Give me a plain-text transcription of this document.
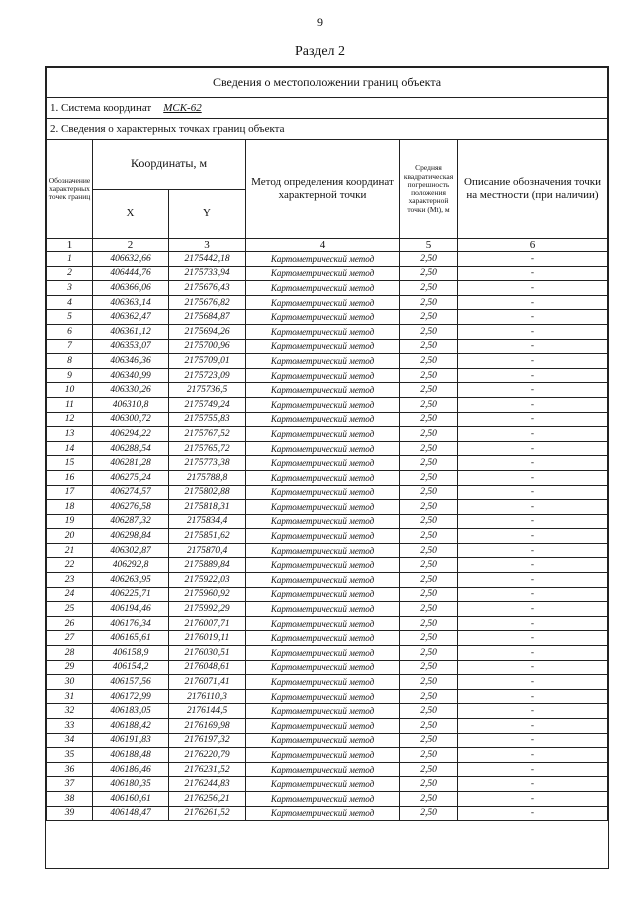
9
Раздел 2
Сведения о местоположении границ объекта					
1. Система координат МСК-62					
2. Сведения о характерных точках границ объекта					
Обозначение характерных точек границ	Координаты, м		Метод определения координат характерной точки	Средняя квадратическая погрешность положения характерной точки (Mt), м	Описание обозначения точки на местности (при наличии)
	X	Y			
1	2	3	4	5	6
1	406632,66	2175442,18	Картометрический метод	2,50	-
2	406444,76	2175733,94	Картометрический метод	2,50	-
3	406366,06	2175676,43	Картометрический метод	2,50	-
4	406363,14	2175676,82	Картометрический метод	2,50	-
5	406362,47	2175684,87	Картометрический метод	2,50	-
6	406361,12	2175694,26	Картометрический метод	2,50	-
7	406353,07	2175700,96	Картометрический метод	2,50	-
8	406346,36	2175709,01	Картометрический метод	2,50	-
9	406340,99	2175723,09	Картометрический метод	2,50	-
10	406330,26	2175736,5	Картометрический метод	2,50	-
11	406310,8	2175749,24	Картометрический метод	2,50	-
12	406300,72	2175755,83	Картометрический метод	2,50	-
13	406294,22	2175767,52	Картометрический метод	2,50	-
14	406288,54	2175765,72	Картометрический метод	2,50	-
15	406281,28	2175773,38	Картометрический метод	2,50	-
16	406275,24	2175788,8	Картометрический метод	2,50	-
17	406274,57	2175802,88	Картометрический метод	2,50	-
18	406276,58	2175818,31	Картометрический метод	2,50	-
19	406287,32	2175834,4	Картометрический метод	2,50	-
20	406298,84	2175851,62	Картометрический метод	2,50	-
21	406302,87	2175870,4	Картометрический метод	2,50	-
22	406292,8	2175889,84	Картометрический метод	2,50	-
23	406263,95	2175922,03	Картометрический метод	2,50	-
24	406225,71	2175960,92	Картометрический метод	2,50	-
25	406194,46	2175992,29	Картометрический метод	2,50	-
26	406176,34	2176007,71	Картометрический метод	2,50	-
27	406165,61	2176019,11	Картометрический метод	2,50	-
28	406158,9	2176030,51	Картометрический метод	2,50	-
29	406154,2	2176048,61	Картометрический метод	2,50	-
30	406157,56	2176071,41	Картометрический метод	2,50	-
31	406172,99	2176110,3	Картометрический метод	2,50	-
32	406183,05	2176144,5	Картометрический метод	2,50	-
33	406188,42	2176169,98	Картометрический метод	2,50	-
34	406191,83	2176197,32	Картометрический метод	2,50	-
35	406188,48	2176220,79	Картометрический метод	2,50	-
36	406186,46	2176231,52	Картометрический метод	2,50	-
37	406180,35	2176244,83	Картометрический метод	2,50	-
38	406160,61	2176256,21	Картометрический метод	2,50	-
39	406148,47	2176261,52	Картометрический метод	2,50	-
